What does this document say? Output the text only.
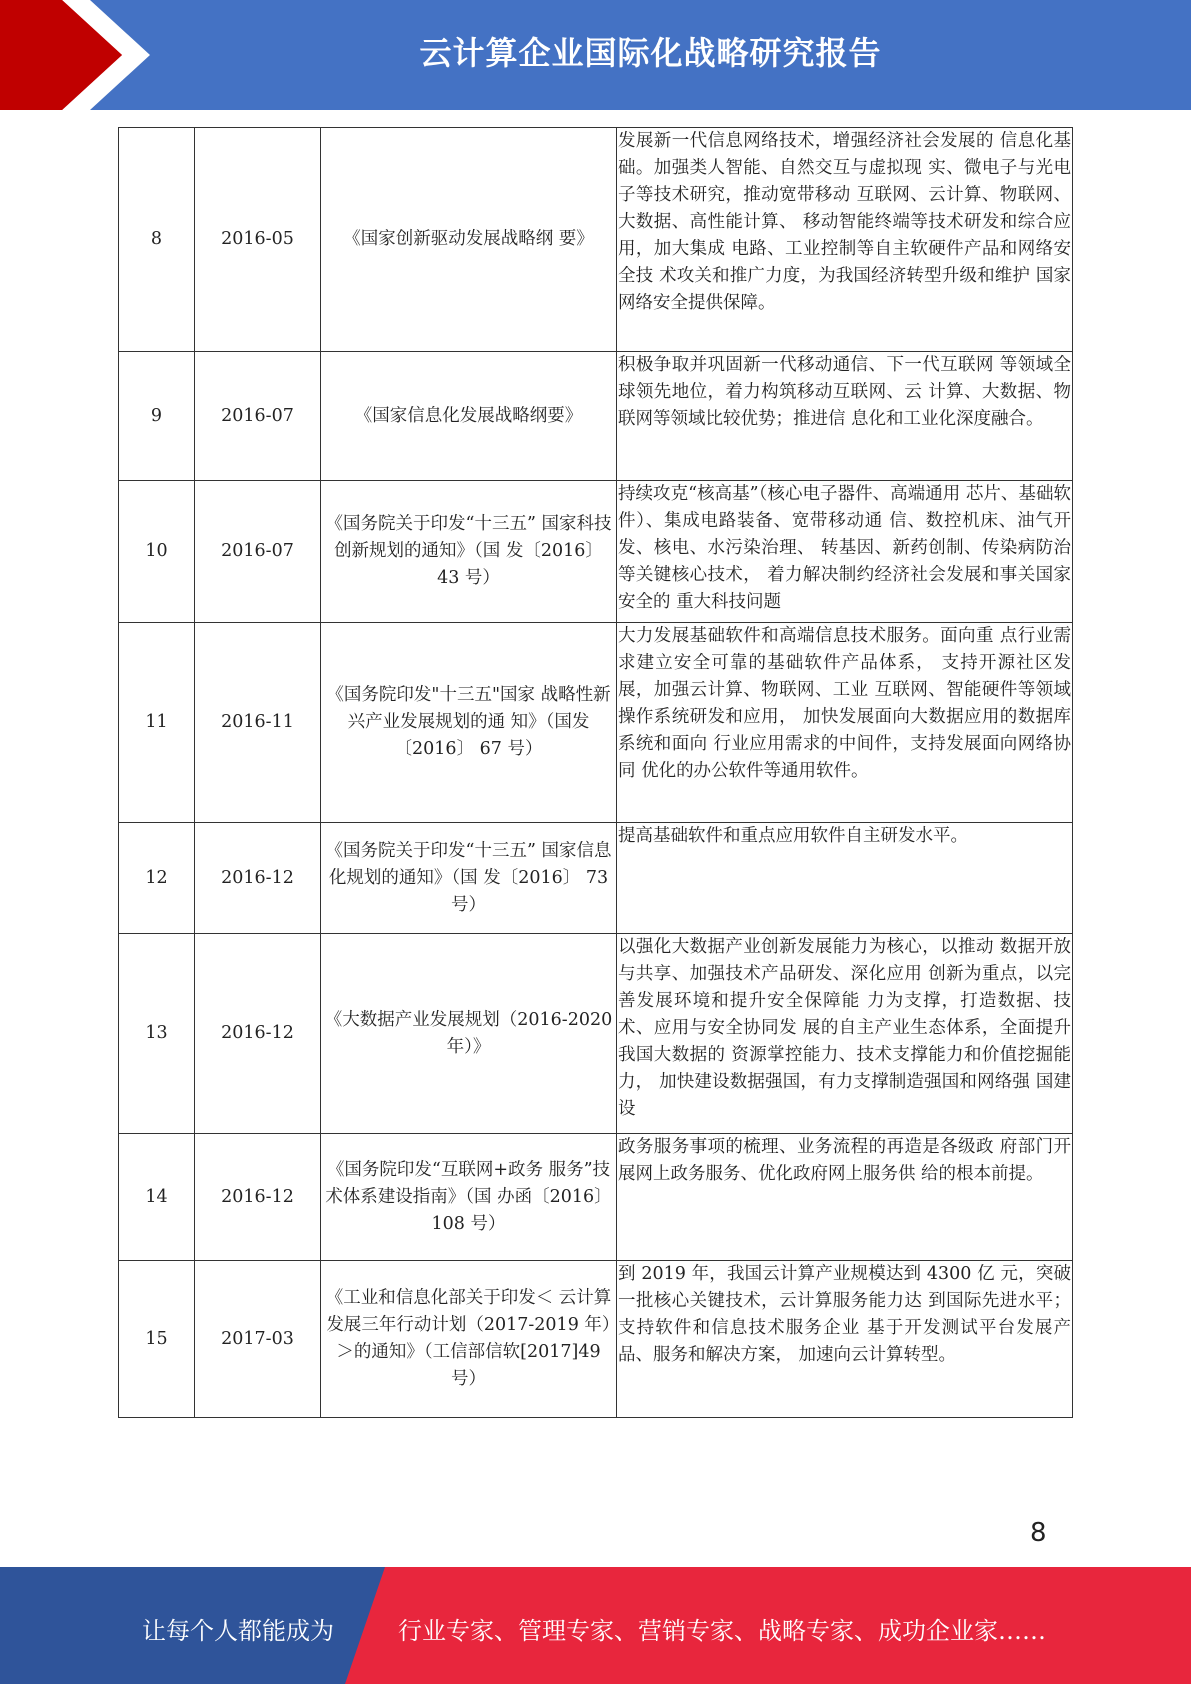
云计算企业国际化战略研究报告
8	2016-05	《国家创新驱动发展战略纲 要》	发展新一代信息网络技术，增强经济社会发展的 信息化基础。加强类人智能、自然交互与虚拟现 实、微电子与光电子等技术研究，推动宽带移动 互联网、云计算、物联网、大数据、高性能计算、 移动智能终端等技术研发和综合应用，加大集成 电路、工业控制等自主软硬件产品和网络安全技 术攻关和推广力度，为我国经济转型升级和维护 国家网络安全提供保障。
9	2016-07	《国家信息化发展战略纲要》	积极争取并巩固新一代移动通信、下一代互联网 等领域全球领先地位，着力构筑移动互联网、云 计算、大数据、物联网等领域比较优势；推进信 息化和工业化深度融合。
10	2016-07	《国务院关于印发“十三五” 国家科技创新规划的通知》（国 发〔2016〕 43 号）	持续攻克“核高基”（核心电子器件、高端通用 芯片、基础软件）、集成电路装备、宽带移动通 信、数控机床、油气开发、核电、水污染治理、 转基因、新药创制、传染病防治等关键核心技术， 着力解决制约经济社会发展和事关国家安全的 重大科技问题
11	2016-11	《国务院印发"十三五"国家 战略性新兴产业发展规划的通 知》（国发〔2016〕 67 号）	大力发展基础软件和高端信息技术服务。面向重 点行业需求建立安全可靠的基础软件产品体系， 支持开源社区发展，加强云计算、物联网、工业 互联网、智能硬件等领域操作系统研发和应用， 加快发展面向大数据应用的数据库系统和面向 行业应用需求的中间件，支持发展面向网络协同 优化的办公软件等通用软件。
12	2016-12	《国务院关于印发“十三五” 国家信息化规划的通知》（国 发〔2016〕 73 号）	提高基础软件和重点应用软件自主研发水平。
13	2016-12	《大数据产业发展规划（2016-2020 年）》	以强化大数据产业创新发展能力为核心，以推动 数据开放与共享、加强技术产品研发、深化应用 创新为重点，以完善发展环境和提升安全保障能 力为支撑，打造数据、技术、应用与安全协同发 展的自主产业生态体系，全面提升我国大数据的 资源掌控能力、技术支撑能力和价值挖掘能力， 加快建设数据强国，有力支撑制造强国和网络强 国建设
14	2016-12	《国务院印发“互联网+政务 服务”技术体系建设指南》（国 办函〔2016〕 108 号）	政务服务事项的梳理、业务流程的再造是各级政 府部门开展网上政务服务、优化政府网上服务供 给的根本前提。
15	2017-03	《工业和信息化部关于印发＜ 云计算发展三年行动计划（2017-2019 年）＞的通知》（工信部信软[2017]49 号）	到 2019 年，我国云计算产业规模达到 4300 亿 元，突破一批核心关键技术，云计算服务能力达 到国际先进水平；支持软件和信息技术服务企业 基于开发测试平台发展产品、服务和解决方案， 加速向云计算转型。
8
让每个人都能成为	行业专家、管理专家、营销专家、战略专家、成功企业家……
